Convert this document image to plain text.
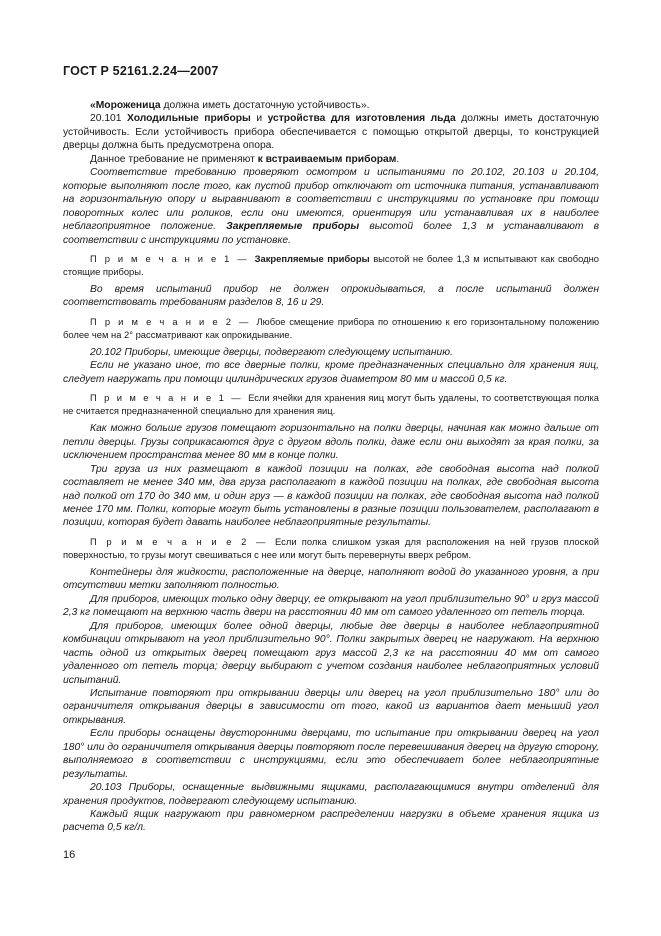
ГОСТ Р 52161.2.24—2007

«Мороженица должна иметь достаточную устойчивость».

20.101 Холодильные приборы и устройства для изготовления льда должны иметь достаточную устойчивость. Если устойчивость прибора обеспечивается с помощью открытой дверцы, то конструкцией дверцы должна быть предусмотрена опора.

Данное требование не применяют к встраиваемым приборам.

Соответствие требованию проверяют осмотром и испытаниями по 20.102, 20.103 и 20.104, которые выполняют после того, как пустой прибор отключают от источника питания, устанавливают на горизонтальную опору и выравнивают в соответствии с инструкциями по установке при помощи поворотных колес или роликов, если они имеются, ориентируя или устанавливая их в наиболее неблагоприятное положение. Закрепляемые приборы высотой более 1,3 м устанавливают в соответствии с инструкциями по установке.

П р и м е ч а н и е 1 — Закрепляемые приборы высотой не более 1,3 м испытывают как свободно стоящие приборы.

Во время испытаний прибор не должен опрокидываться, а после испытаний должен соответствовать требованиям разделов 8, 16 и 29.

П р и м е ч а н и е 2 — Любое смещение прибора по отношению к его горизонтальному положению более чем на 2° рассматривают как опрокидывание.

20.102 Приборы, имеющие дверцы, подвергают следующему испытанию.

Если не указано иное, то все дверные полки, кроме предназначенных специально для хранения яиц, следует нагружать при помощи цилиндрических грузов диаметром 80 мм и массой 0,5 кг.

П р и м е ч а н и е 1 — Если ячейки для хранения яиц могут быть удалены, то соответствующая полка не считается предназначенной специально для хранения яиц.

Как можно больше грузов помещают горизонтально на полки дверцы, начиная как можно дальше от петли дверцы. Грузы соприкасаются друг с другом вдоль полки, даже если они выходят за края полки, за исключением пространства менее 80 мм в конце полки.

Три груза из них размещают в каждой позиции на полках, где свободная высота над полкой составляет не менее 340 мм, два груза располагают в каждой позиции на полках, где свободная высота над полкой от 170 до 340 мм, и один груз — в каждой позиции на полках, где свободная высота над полкой менее 170 мм. Полки, которые могут быть установлены в разные позиции пользователем, располагают в позиции, которая будет давать наиболее неблагоприятные результаты.

П р и м е ч а н и е 2 — Если полка слишком узкая для расположения на ней грузов плоской поверхностью, то грузы могут свешиваться с нее или могут быть перевернуты вверх ребром.

Контейнеры для жидкости, расположенные на дверце, наполняют водой до указанного уровня, а при отсутствии метки заполняют полностью.

Для приборов, имеющих только одну дверцу, ее открывают на угол приблизительно 90° и груз массой 2,3 кг помещают на верхнюю часть двери на расстоянии 40 мм от самого удаленного от петель торца.

Для приборов, имеющих более одной дверцы, любые две дверцы в наиболее неблагоприятной комбинации открывают на угол приблизительно 90°. Полки закрытых дверец не нагружают. На верхнюю часть одной из открытых дверец помещают груз массой 2,3 кг на расстоянии 40 мм от самого удаленного от петель торца; дверцу выбирают с учетом создания наиболее неблагоприятных условий испытаний.

Испытание повторяют при открывании дверцы или дверец на угол приблизительно 180° или до ограничителя открывания дверцы в зависимости от того, какой из вариантов дает меньший угол открывания.

Если приборы оснащены двусторонними дверцами, то испытание при открывании дверец на угол 180° или до ограничителя открывания дверцы повторяют после перевешивания дверец на другую сторону, выполняемого в соответствии с инструкциями, если это обеспечивает более неблагоприятные результаты.

20.103 Приборы, оснащенные выдвижными ящиками, располагающимися внутри отделений для хранения продуктов, подвергают следующему испытанию.

Каждый ящик нагружают при равномерном распределении нагрузки в объеме хранения ящика из расчета 0,5 кг/л.

16
